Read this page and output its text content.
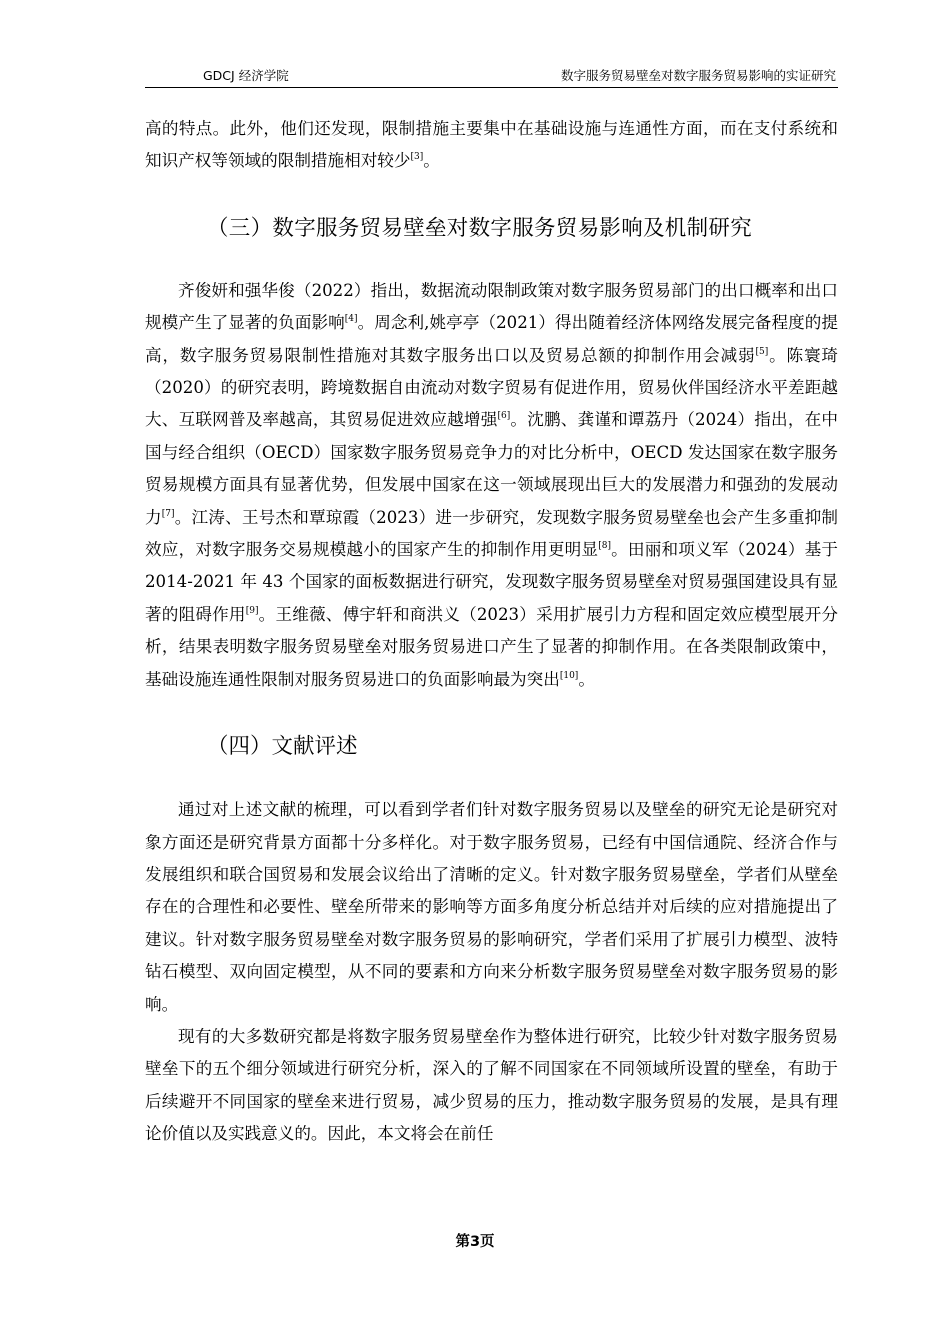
GDCJ 经济学院	数字服务贸易壁垒对数字服务贸易影响的实证研究

高的特点。此外，他们还发现，限制措施主要集中在基础设施与连通性方面，而在支付系统和知识产权等领域的限制措施相对较少[3]。

（三）数字服务贸易壁垒对数字服务贸易影响及机制研究

齐俊妍和强华俊（2022）指出，数据流动限制政策对数字服务贸易部门的出口概率和出口规模产生了显著的负面影响[4]。周念利,姚亭亭（2021）得出随着经济体网络发展完备程度的提高，数字服务贸易限制性措施对其数字服务出口以及贸易总额的抑制作用会减弱[5]。陈寰琦（2020）的研究表明，跨境数据自由流动对数字贸易有促进作用，贸易伙伴国经济水平差距越大、互联网普及率越高，其贸易促进效应越增强[6]。沈鹏、龚谨和谭荔丹（2024）指出，在中国与经合组织（OECD）国家数字服务贸易竞争力的对比分析中，OECD 发达国家在数字服务贸易规模方面具有显著优势，但发展中国家在这一领域展现出巨大的发展潜力和强劲的发展动力[7]。江涛、王号杰和覃琼霞（2023）进一步研究，发现数字服务贸易壁垒也会产生多重抑制效应，对数字服务交易规模越小的国家产生的抑制作用更明显[8]。田丽和项义军（2024）基于 2014-2021 年 43 个国家的面板数据进行研究，发现数字服务贸易壁垒对贸易强国建设具有显著的阻碍作用[9]。王维薇、傅宇轩和商洪义（2023）采用扩展引力方程和固定效应模型展开分析，结果表明数字服务贸易壁垒对服务贸易进口产生了显著的抑制作用。在各类限制政策中，基础设施连通性限制对服务贸易进口的负面影响最为突出[10]。

（四）文献评述

通过对上述文献的梳理，可以看到学者们针对数字服务贸易以及壁垒的研究无论是研究对象方面还是研究背景方面都十分多样化。对于数字服务贸易，已经有中国信通院、经济合作与发展组织和联合国贸易和发展会议给出了清晰的定义。针对数字服务贸易壁垒，学者们从壁垒存在的合理性和必要性、壁垒所带来的影响等方面多角度分析总结并对后续的应对措施提出了建议。针对数字服务贸易壁垒对数字服务贸易的影响研究，学者们采用了扩展引力模型、波特钻石模型、双向固定模型，从不同的要素和方向来分析数字服务贸易壁垒对数字服务贸易的影响。

现有的大多数研究都是将数字服务贸易壁垒作为整体进行研究，比较少针对数字服务贸易壁垒下的五个细分领域进行研究分析，深入的了解不同国家在不同领域所设置的壁垒，有助于后续避开不同国家的壁垒来进行贸易，减少贸易的压力，推动数字服务贸易的发展，是具有理论价值以及实践意义的。因此，本文将会在前任

第3页
